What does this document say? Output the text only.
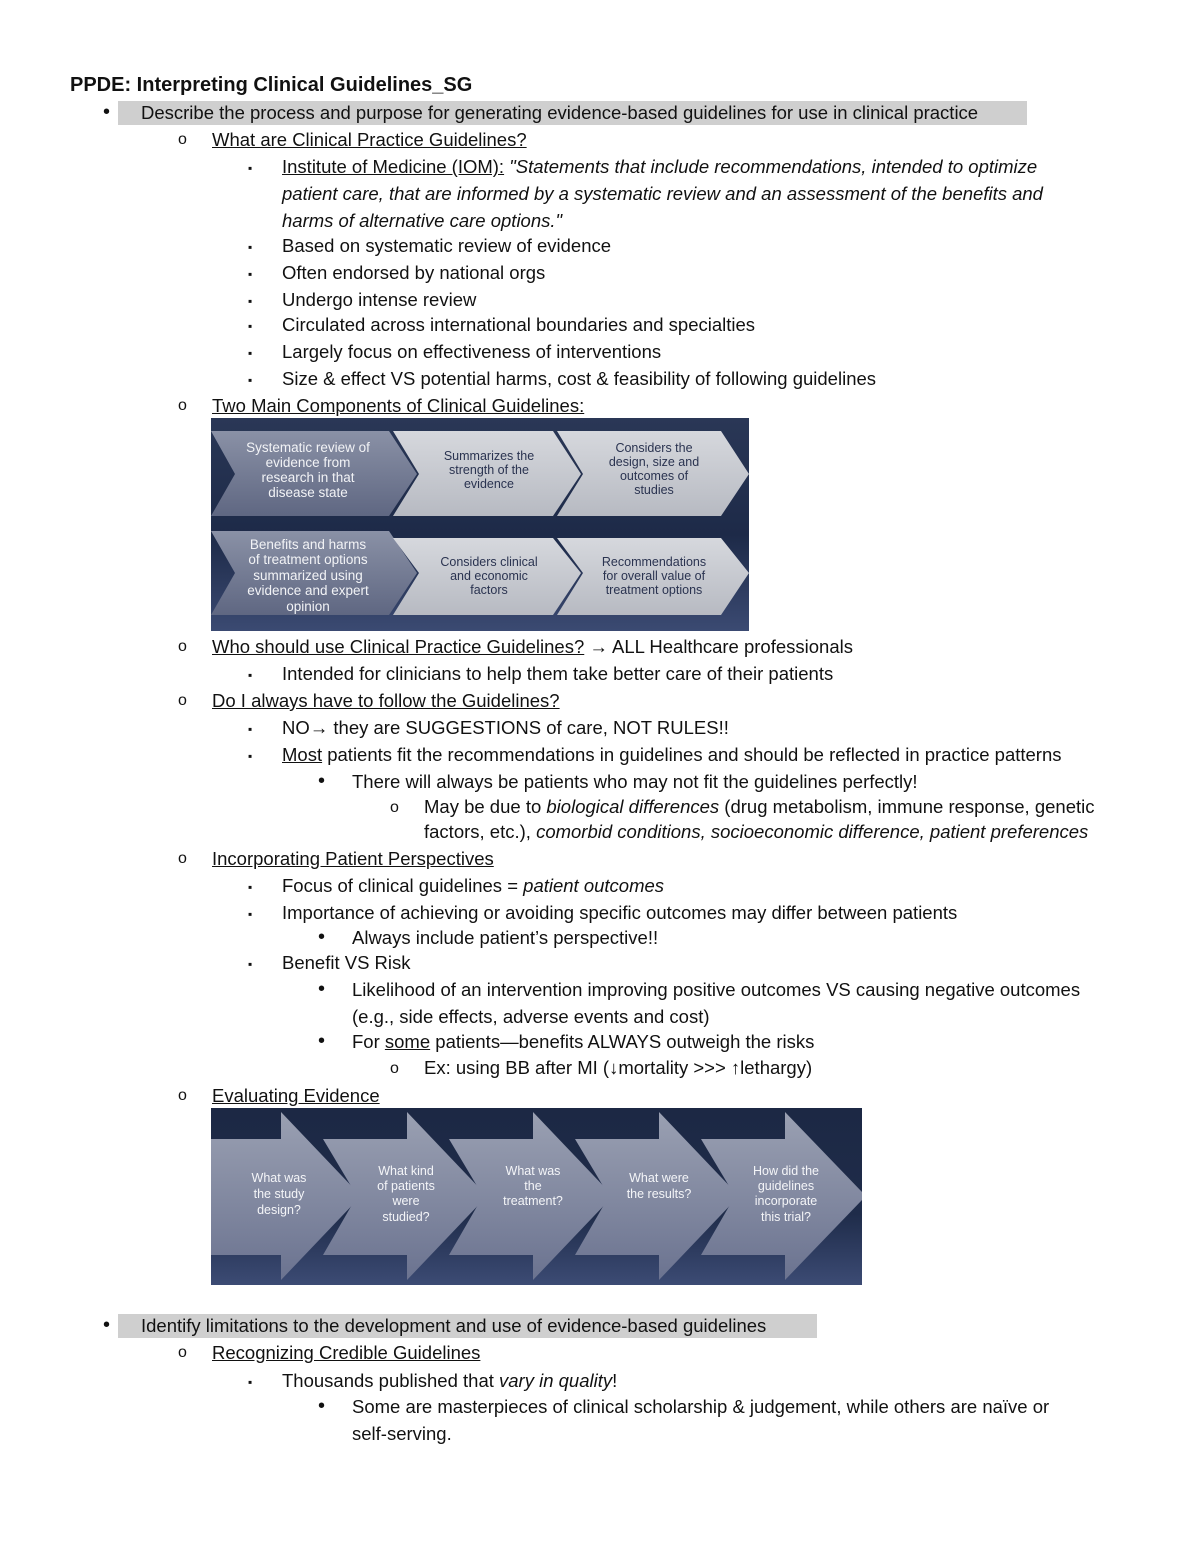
PPDE: Interpreting Clinical Guidelines_SG
•	Describe the process and purpose for generating evidence-based guidelines for use in clinical practice
o What are Clinical Practice Guidelines?
▪ Institute of Medicine (IOM): "Statements that include recommendations, intended to optimize
patient care, that are informed by a systematic review and an assessment of the benefits and
harms of alternative care options."
▪ Based on systematic review of evidence
▪ Often endorsed by national orgs
▪ Undergo intense review
▪ Circulated across international boundaries and specialties
▪ Largely focus on effectiveness of interventions
▪ Size & effect VS potential harms, cost & feasibility of following guidelines
o Two Main Components of Clinical Guidelines:
Systematic review of
evidence from
research in that
disease state
Summarizes the
strength of the
evidence
Considers the
design, size and
outcomes of
studies
Benefits and harms
of treatment options
summarized using
evidence and expert
opinion
Considers clinical
and economic
factors
Recommendations
for overall value of
treatment options
o Who should use Clinical Practice Guidelines? → ALL Healthcare professionals
▪ Intended for clinicians to help them take better care of their patients
o Do I always have to follow the Guidelines?
▪ NO→ they are SUGGESTIONS of care, NOT RULES!!
▪ Most patients fit the recommendations in guidelines and should be reflected in practice patterns
• There will always be patients who may not fit the guidelines perfectly!
o May be due to biological differences (drug metabolism, immune response, genetic
factors, etc.), comorbid conditions, socioeconomic difference, patient preferences
o Incorporating Patient Perspectives
▪ Focus of clinical guidelines = patient outcomes
▪ Importance of achieving or avoiding specific outcomes may differ between patients
• Always include patient’s perspective!!
▪ Benefit VS Risk
• Likelihood of an intervention improving positive outcomes VS causing negative outcomes
(e.g., side effects, adverse events and cost)
• For some patients—benefits ALWAYS outweigh the risks
o Ex: using BB after MI (↓mortality >>> ↑lethargy)
o Evaluating Evidence
What was
the study
design?
What kind
of patients
were
studied?
What was
the
treatment?
What were
the results?
How did the
guidelines
incorporate
this trial?
•	Identify limitations to the development and use of evidence-based guidelines
o Recognizing Credible Guidelines
▪ Thousands published that vary in quality!
• Some are masterpieces of clinical scholarship & judgement, while others are naïve or
self-serving.
